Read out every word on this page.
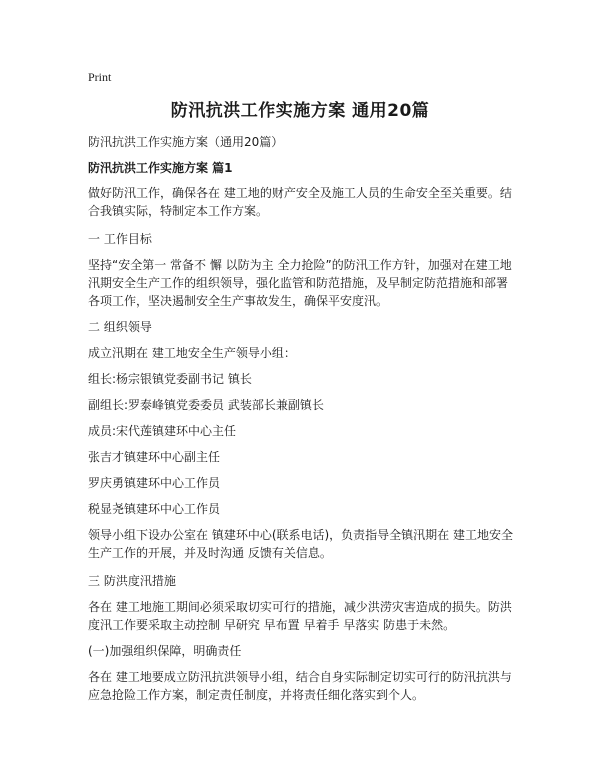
Print
防汛抗洪工作实施方案 通用20篇
防汛抗洪工作实施方案（通用20篇）
防汛抗洪工作实施方案 篇1
做好防汛工作，确保各在 建工地的财产安全及施工人员的生命安全至关重要。结合我镇实际，特制定本工作方案。
一 工作目标
坚持“安全第一 常备不 懈 以防为主 全力抢险”的防汛工作方针，加强对在建工地汛期安全生产工作的组织领导，强化监管和防范措施，及早制定防范措施和部署各项工作，坚决遏制安全生产事故发生，确保平安度汛。
二 组织领导
成立汛期在 建工地安全生产领导小组：
组长:杨宗银镇党委副书记 镇长
副组长:罗泰峰镇党委委员 武装部长兼副镇长
成员:宋代莲镇建环中心主任
张吉才镇建环中心副主任
罗庆勇镇建环中心工作员
税显尧镇建环中心工作员
领导小组下设办公室在 镇建环中心(联系电话)，负责指导全镇汛期在 建工地安全生产工作的开展，并及时沟通 反馈有关信息。
三 防洪度汛措施
各在 建工地施工期间必须采取切实可行的措施，减少洪涝灾害造成的损失。防洪度汛工作要采取主动控制 早研究 早布置 早着手 早落实 防患于未然。
(一)加强组织保障，明确责任
各在 建工地要成立防汛抗洪领导小组，结合自身实际制定切实可行的防汛抗洪与应急抢险工作方案，制定责任制度，并将责任细化落实到个人。
